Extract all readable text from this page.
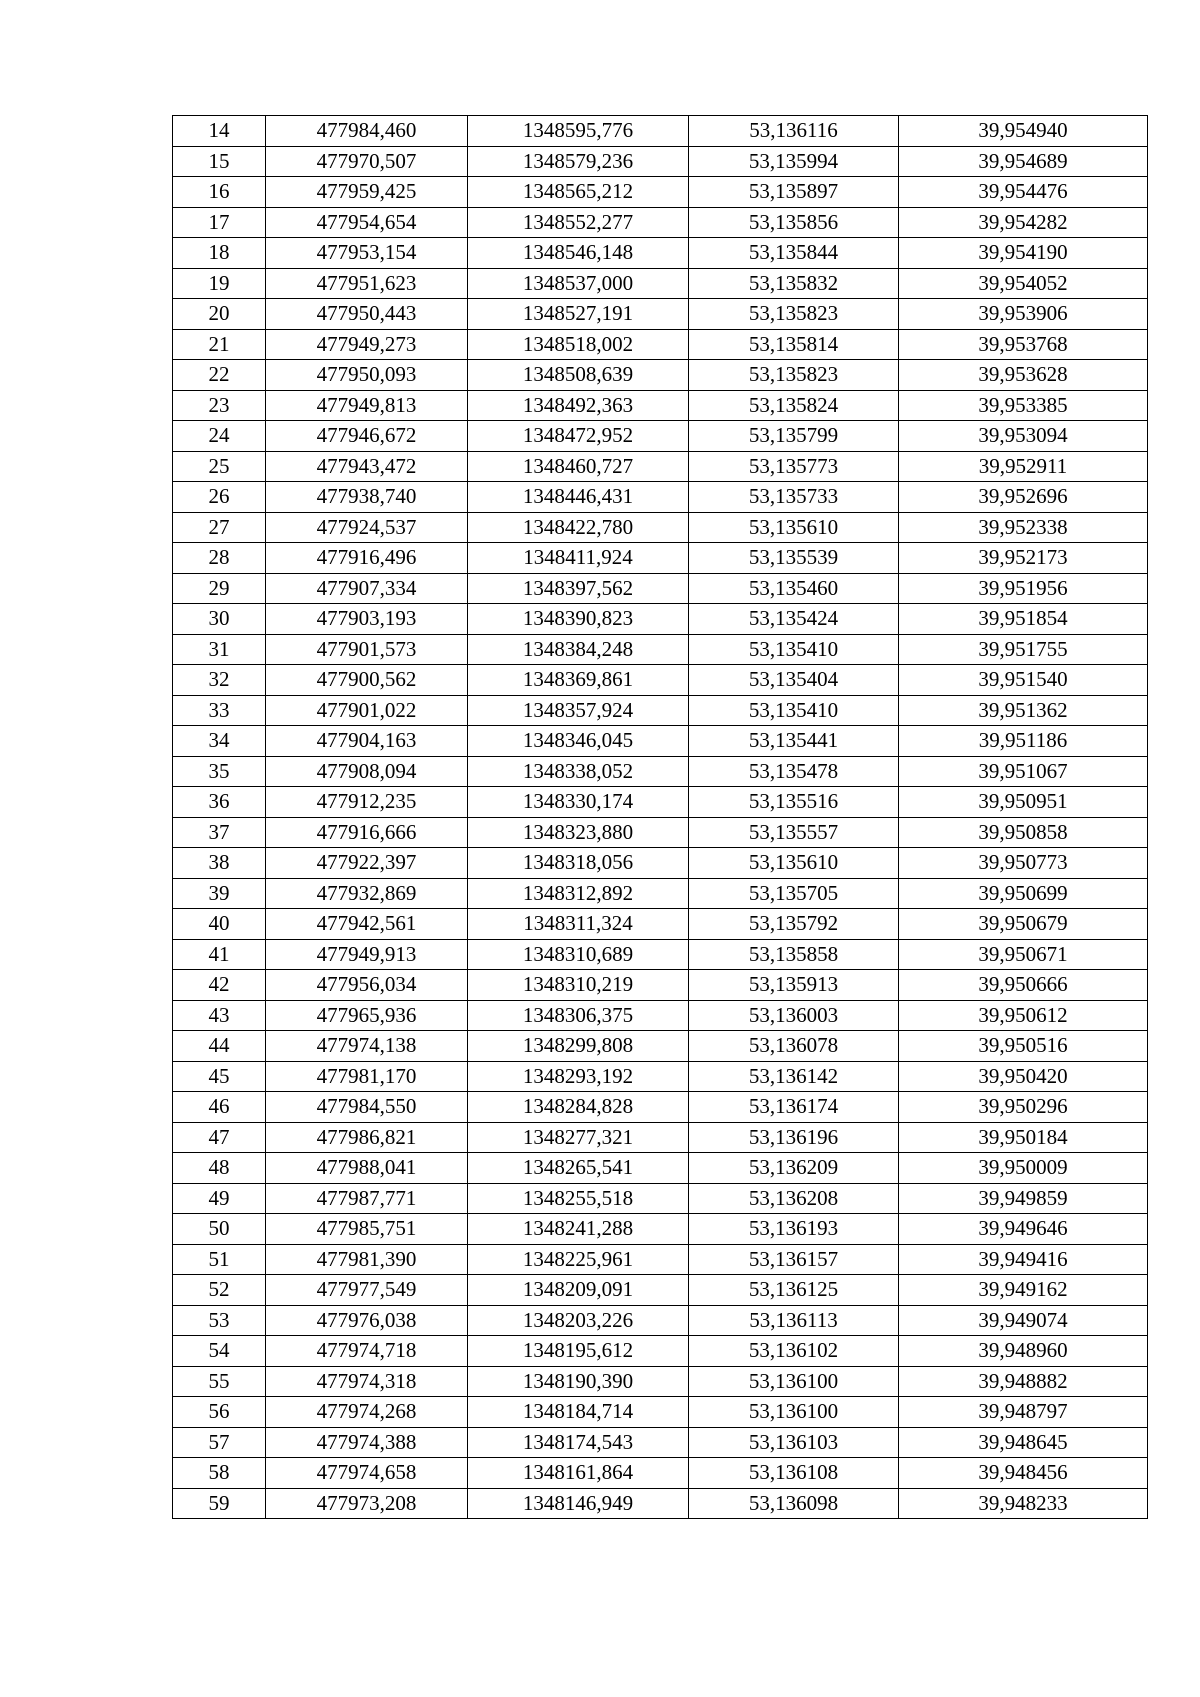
14	477984,460	1348595,776	53,136116	39,954940
15	477970,507	1348579,236	53,135994	39,954689
16	477959,425	1348565,212	53,135897	39,954476
17	477954,654	1348552,277	53,135856	39,954282
18	477953,154	1348546,148	53,135844	39,954190
19	477951,623	1348537,000	53,135832	39,954052
20	477950,443	1348527,191	53,135823	39,953906
21	477949,273	1348518,002	53,135814	39,953768
22	477950,093	1348508,639	53,135823	39,953628
23	477949,813	1348492,363	53,135824	39,953385
24	477946,672	1348472,952	53,135799	39,953094
25	477943,472	1348460,727	53,135773	39,952911
26	477938,740	1348446,431	53,135733	39,952696
27	477924,537	1348422,780	53,135610	39,952338
28	477916,496	1348411,924	53,135539	39,952173
29	477907,334	1348397,562	53,135460	39,951956
30	477903,193	1348390,823	53,135424	39,951854
31	477901,573	1348384,248	53,135410	39,951755
32	477900,562	1348369,861	53,135404	39,951540
33	477901,022	1348357,924	53,135410	39,951362
34	477904,163	1348346,045	53,135441	39,951186
35	477908,094	1348338,052	53,135478	39,951067
36	477912,235	1348330,174	53,135516	39,950951
37	477916,666	1348323,880	53,135557	39,950858
38	477922,397	1348318,056	53,135610	39,950773
39	477932,869	1348312,892	53,135705	39,950699
40	477942,561	1348311,324	53,135792	39,950679
41	477949,913	1348310,689	53,135858	39,950671
42	477956,034	1348310,219	53,135913	39,950666
43	477965,936	1348306,375	53,136003	39,950612
44	477974,138	1348299,808	53,136078	39,950516
45	477981,170	1348293,192	53,136142	39,950420
46	477984,550	1348284,828	53,136174	39,950296
47	477986,821	1348277,321	53,136196	39,950184
48	477988,041	1348265,541	53,136209	39,950009
49	477987,771	1348255,518	53,136208	39,949859
50	477985,751	1348241,288	53,136193	39,949646
51	477981,390	1348225,961	53,136157	39,949416
52	477977,549	1348209,091	53,136125	39,949162
53	477976,038	1348203,226	53,136113	39,949074
54	477974,718	1348195,612	53,136102	39,948960
55	477974,318	1348190,390	53,136100	39,948882
56	477974,268	1348184,714	53,136100	39,948797
57	477974,388	1348174,543	53,136103	39,948645
58	477974,658	1348161,864	53,136108	39,948456
59	477973,208	1348146,949	53,136098	39,948233
